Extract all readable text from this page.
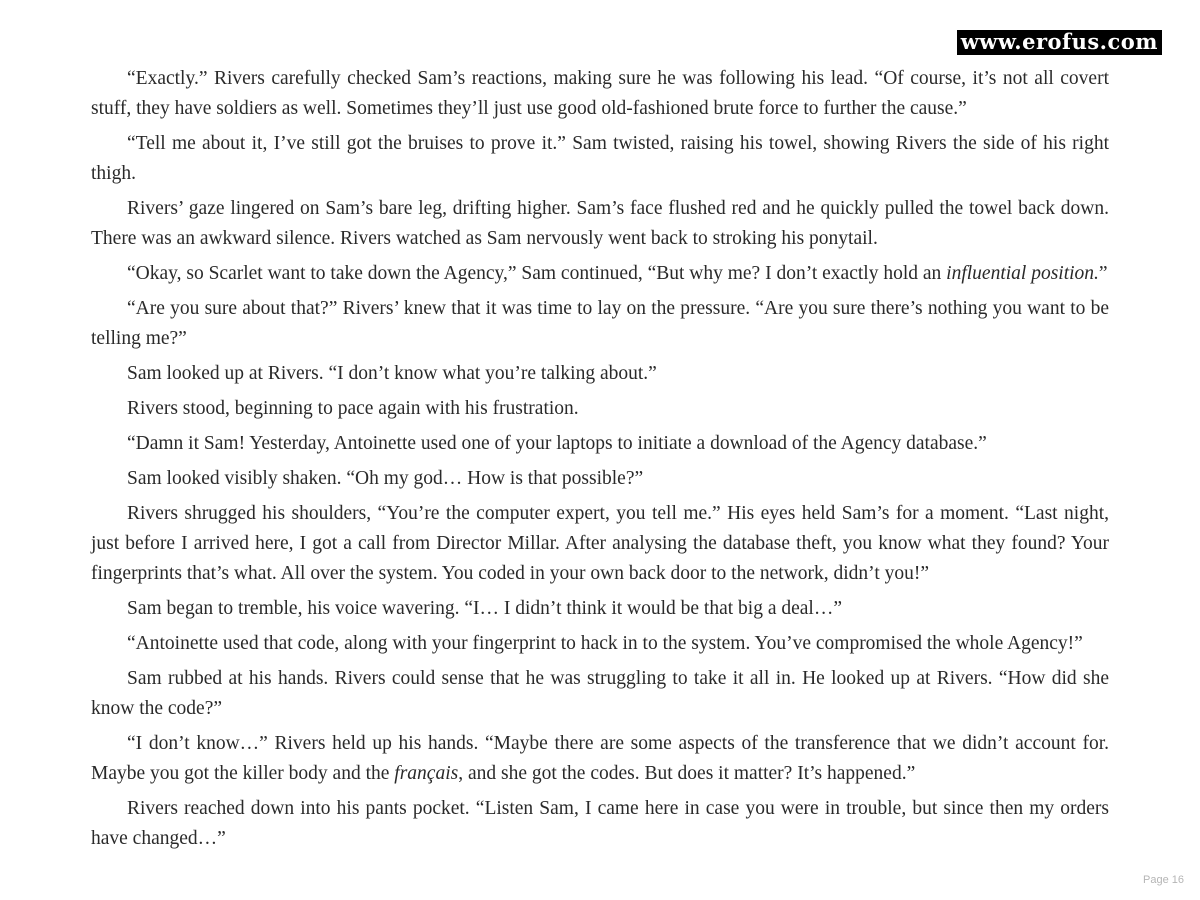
www.erofus.com

“Exactly.” Rivers carefully checked Sam’s reactions, making sure he was following his lead. “Of course, it’s not all covert stuff, they have soldiers as well. Sometimes they’ll just use good old-fashioned brute force to further the cause.”

“Tell me about it, I’ve still got the bruises to prove it.” Sam twisted, raising his towel, showing Rivers the side of his right thigh.

Rivers’ gaze lingered on Sam’s bare leg, drifting higher. Sam’s face flushed red and he quickly pulled the towel back down. There was an awkward silence. Rivers watched as Sam nervously went back to stroking his ponytail.

“Okay, so Scarlet want to take down the Agency,” Sam continued, “But why me? I don’t exactly hold an influential position.”

“Are you sure about that?” Rivers’ knew that it was time to lay on the pressure. “Are you sure there’s nothing you want to be telling me?”

Sam looked up at Rivers. “I don’t know what you’re talking about.”

Rivers stood, beginning to pace again with his frustration.

“Damn it Sam! Yesterday, Antoinette used one of your laptops to initiate a download of the Agency database.”

Sam looked visibly shaken. “Oh my god… How is that possible?”

Rivers shrugged his shoulders, “You’re the computer expert, you tell me.” His eyes held Sam’s for a moment. “Last night, just before I arrived here, I got a call from Director Millar. After analysing the database theft, you know what they found? Your fingerprints that’s what. All over the system. You coded in your own back door to the network, didn’t you!”

Sam began to tremble, his voice wavering. “I… I didn’t think it would be that big a deal…”

“Antoinette used that code, along with your fingerprint to hack in to the system. You’ve compromised the whole Agency!”

Sam rubbed at his hands. Rivers could sense that he was struggling to take it all in. He looked up at Rivers. “How did she know the code?”

“I don’t know…” Rivers held up his hands. “Maybe there are some aspects of the transference that we didn’t account for. Maybe you got the killer body and the français, and she got the codes. But does it matter? It’s happened.”

Rivers reached down into his pants pocket. “Listen Sam, I came here in case you were in trouble, but since then my orders have changed…”

Page 16
